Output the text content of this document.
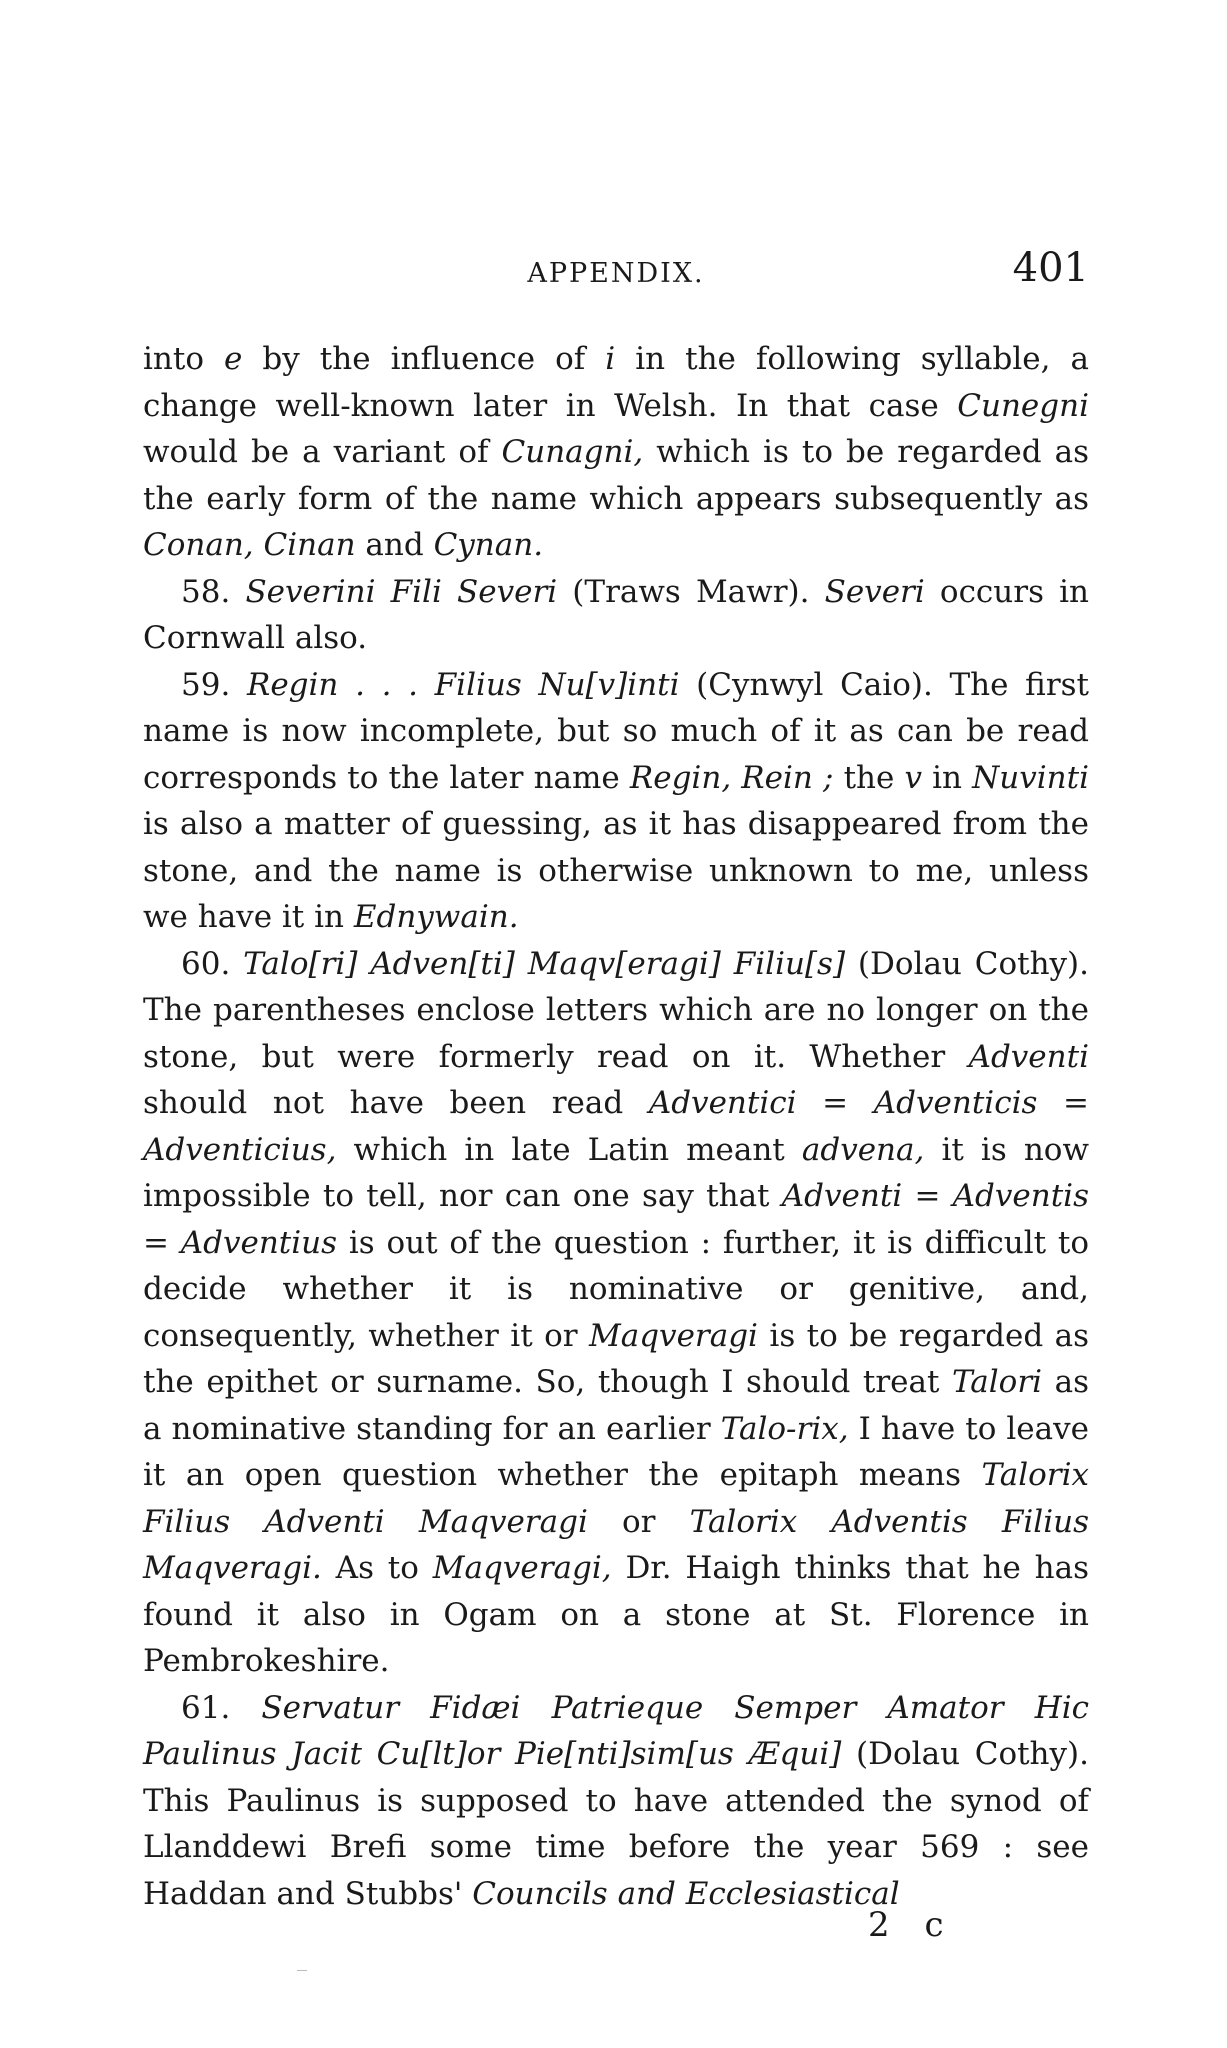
APPENDIX.	401

into e by the influence of i in the following syllable, a change well-known later in Welsh. In that case Cunegni would be a variant of Cunagni, which is to be regarded as the early form of the name which appears subsequently as Conan, Cinan and Cynan.

58. Severini Fili Severi (Traws Mawr). Severi occurs in Cornwall also.

59. Regin . . . Filius Nu[v]inti (Cynwyl Caio). The first name is now incomplete, but so much of it as can be read corresponds to the later name Regin, Rein ; the v in Nuvinti is also a matter of guessing, as it has disappeared from the stone, and the name is otherwise unknown to me, unless we have it in Ednywain.

60. Talo[ri] Adven[ti] Maqv[eragi] Filiu[s] (Dolau Cothy). The parentheses enclose letters which are no longer on the stone, but were formerly read on it. Whether Adventi should not have been read Adventici = Adventicis = Adventicius, which in late Latin meant advena, it is now impossible to tell, nor can one say that Adventi = Adventis = Adventius is out of the question : further, it is difficult to decide whether it is nominative or genitive, and, consequently, whether it or Maqveragi is to be regarded as the epithet or surname. So, though I should treat Talori as a nominative standing for an earlier Talo-rix, I have to leave it an open question whether the epitaph means Talorix Filius Adventi Maqveragi or Talorix Adventis Filius Maqveragi. As to Maqveragi, Dr. Haigh thinks that he has found it also in Ogam on a stone at St. Florence in Pembrokeshire.

61. Servatur Fidæi Patrieque Semper Amator Hic Paulinus Jacit Cu[lt]or Pie[nti]sim[us Æqui] (Dolau Cothy). This Paulinus is supposed to have attended the synod of Llanddewi Brefi some time before the year 569 : see Haddan and Stubbs' Councils and Ecclesiastical

2 c
